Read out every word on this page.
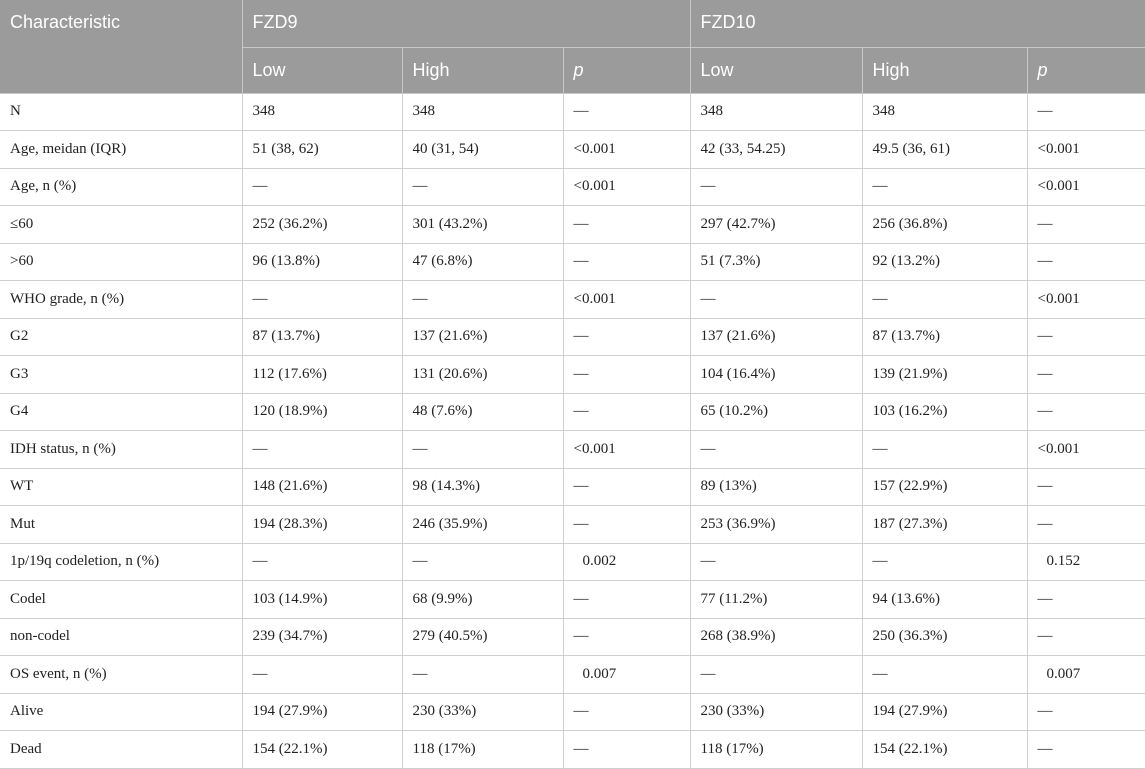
Characteristic	FZD9			FZD10		
	Low	High	p	Low	High	p
N	348	348	—	348	348	—
Age, meidan (IQR)	51 (38, 62)	40 (31, 54)	<0.001	42 (33, 54.25)	49.5 (36, 61)	<0.001
Age, n (%)	—	—	<0.001	—	—	<0.001
≤60	252 (36.2%)	301 (43.2%)	—	297 (42.7%)	256 (36.8%)	—
>60	96 (13.8%)	47 (6.8%)	—	51 (7.3%)	92 (13.2%)	—
WHO grade, n (%)	—	—	<0.001	—	—	<0.001
G2	87 (13.7%)	137 (21.6%)	—	137 (21.6%)	87 (13.7%)	—
G3	112 (17.6%)	131 (20.6%)	—	104 (16.4%)	139 (21.9%)	—
G4	120 (18.9%)	48 (7.6%)	—	65 (10.2%)	103 (16.2%)	—
IDH status, n (%)	—	—	<0.001	—	—	<0.001
WT	148 (21.6%)	98 (14.3%)	—	89 (13%)	157 (22.9%)	—
Mut	194 (28.3%)	246 (35.9%)	—	253 (36.9%)	187 (27.3%)	—
1p/19q codeletion, n (%)	—	—	0.002	—	—	0.152
Codel	103 (14.9%)	68 (9.9%)	—	77 (11.2%)	94 (13.6%)	—
non-codel	239 (34.7%)	279 (40.5%)	—	268 (38.9%)	250 (36.3%)	—
OS event, n (%)	—	—	0.007	—	—	0.007
Alive	194 (27.9%)	230 (33%)	—	230 (33%)	194 (27.9%)	—
Dead	154 (22.1%)	118 (17%)	—	118 (17%)	154 (22.1%)	—
